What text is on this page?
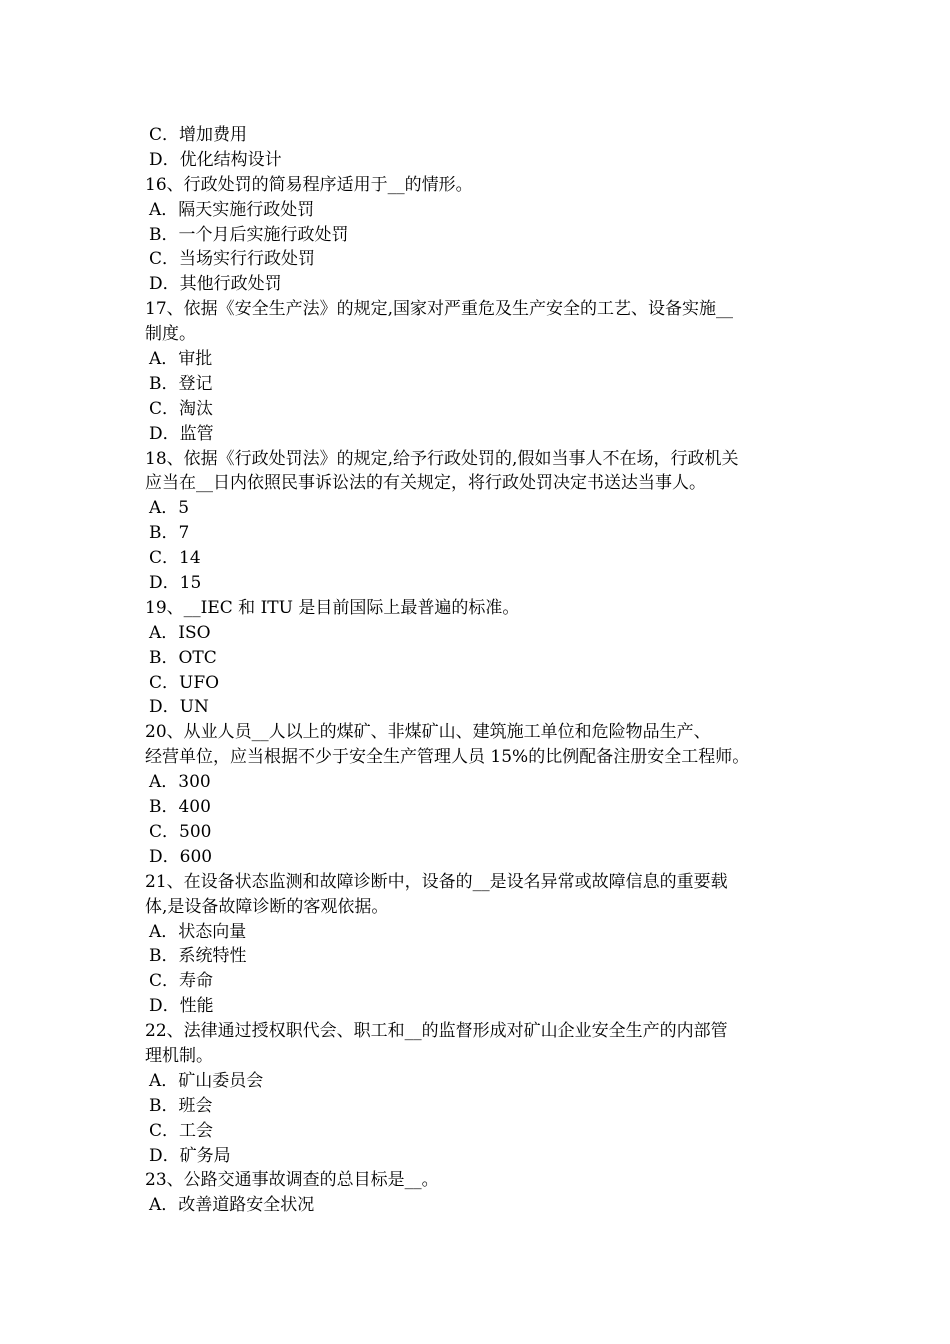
C．增加费用
D．优化结构设计
16、行政处罚的简易程序适用于__的情形。
A．隔天实施行政处罚
B．一个月后实施行政处罚
C．当场实行行政处罚
D．其他行政处罚
17、依据《安全生产法》的规定,国家对严重危及生产安全的工艺、设备实施__
制度。
A．审批
B．登记
C．淘汰
D．监管
18、依据《行政处罚法》的规定,给予行政处罚的,假如当事人不在场，行政机关
应当在__日内依照民事诉讼法的有关规定，将行政处罚决定书送达当事人。
A．5
B．7
C．14
D．15
19、__IEC 和 ITU 是目前国际上最普遍的标准。
A．ISO
B．OTC
C．UFO
D．UN
20、从业人员__人以上的煤矿、非煤矿山、建筑施工单位和危险物品生产、
经营单位，应当根据不少于安全生产管理人员 15%的比例配备注册安全工程师。
A．300
B．400
C．500
D．600
21、在设备状态监测和故障诊断中，设备的__是设名异常或故障信息的重要载
体,是设备故障诊断的客观依据。
A．状态向量
B．系统特性
C．寿命
D．性能
22、法律通过授权职代会、职工和__的监督形成对矿山企业安全生产的内部管
理机制。
A．矿山委员会
B．班会
C．工会
D．矿务局
23、公路交通事故调查的总目标是__。
A．改善道路安全状况
